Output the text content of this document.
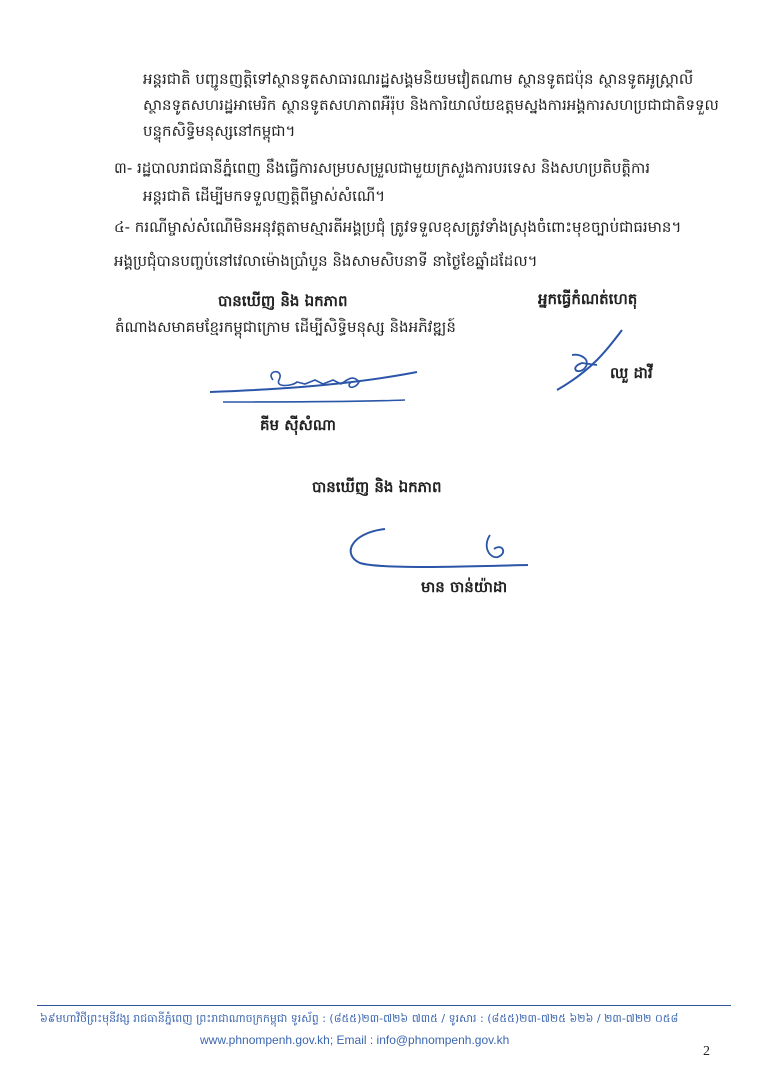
អន្តរជាតិ បញ្ជូនញត្តិទៅស្ថានទូតសាធារណរដ្ឋសង្គមនិយមវៀតណាម ស្ថានទូតជប៉ុន ស្ថានទូតអូស្ត្រាលី ស្ថានទូតសហរដ្ឋអាមេរិក ស្ថានទូតសហភាពអឺរ៉ុប និងការិយាល័យឧត្តមស្នងការអង្គការសហប្រជាជាតិទទួលបន្ទុកសិទ្ធិមនុស្សនៅកម្ពុជា។

៣- រដ្ឋបាលរាជធានីភ្នំពេញ នឹងធ្វើការសម្របសម្រួលជាមួយក្រសួងការបរទេស និងសហប្រតិបត្តិការ
អន្តរជាតិ ដើម្បីមកទទួលញត្តិពីម្ចាស់សំណើ។
៤- ករណីម្ចាស់សំណើមិនអនុវត្តតាមស្មារតីអង្គប្រជុំ ត្រូវទទួលខុសត្រូវទាំងស្រុងចំពោះមុខច្បាប់ជាធរមាន។
អង្គប្រជុំបានបញ្ចប់នៅវេលាម៉ោងប្រាំបួន និងសាមសិបនាទី នាថ្ងៃខែឆ្នាំដដែល។
បានឃើញ និង ឯកភាព	អ្នកធ្វើកំណត់ហេតុ
តំណាងសមាគមខ្មែរកម្ពុជាក្រោម ដើម្បីសិទ្ធិមនុស្ស និងអភិវឌ្ឍន៍
គីម ស៊ីសំណា
ឈួ ដាវី
បានឃើញ និង ឯកភាព
មាន ចាន់យ៉ាដា
៦៩មហាវិថីព្រះមុនីវង្ស រាជធានីភ្នំពេញ ព្រះរាជាណាចក្រកម្ពុជា ទូរស័ព្ទ : (៨៥៥)២៣-៧២៦ ៧៣៥ / ទូរសារ : (៨៥៥)២៣-៧២៥ ៦២៦ / ២៣-៧២២ ០៥៨
www.phnompenh.gov.kh; Email : info@phnompenh.gov.kh
2
